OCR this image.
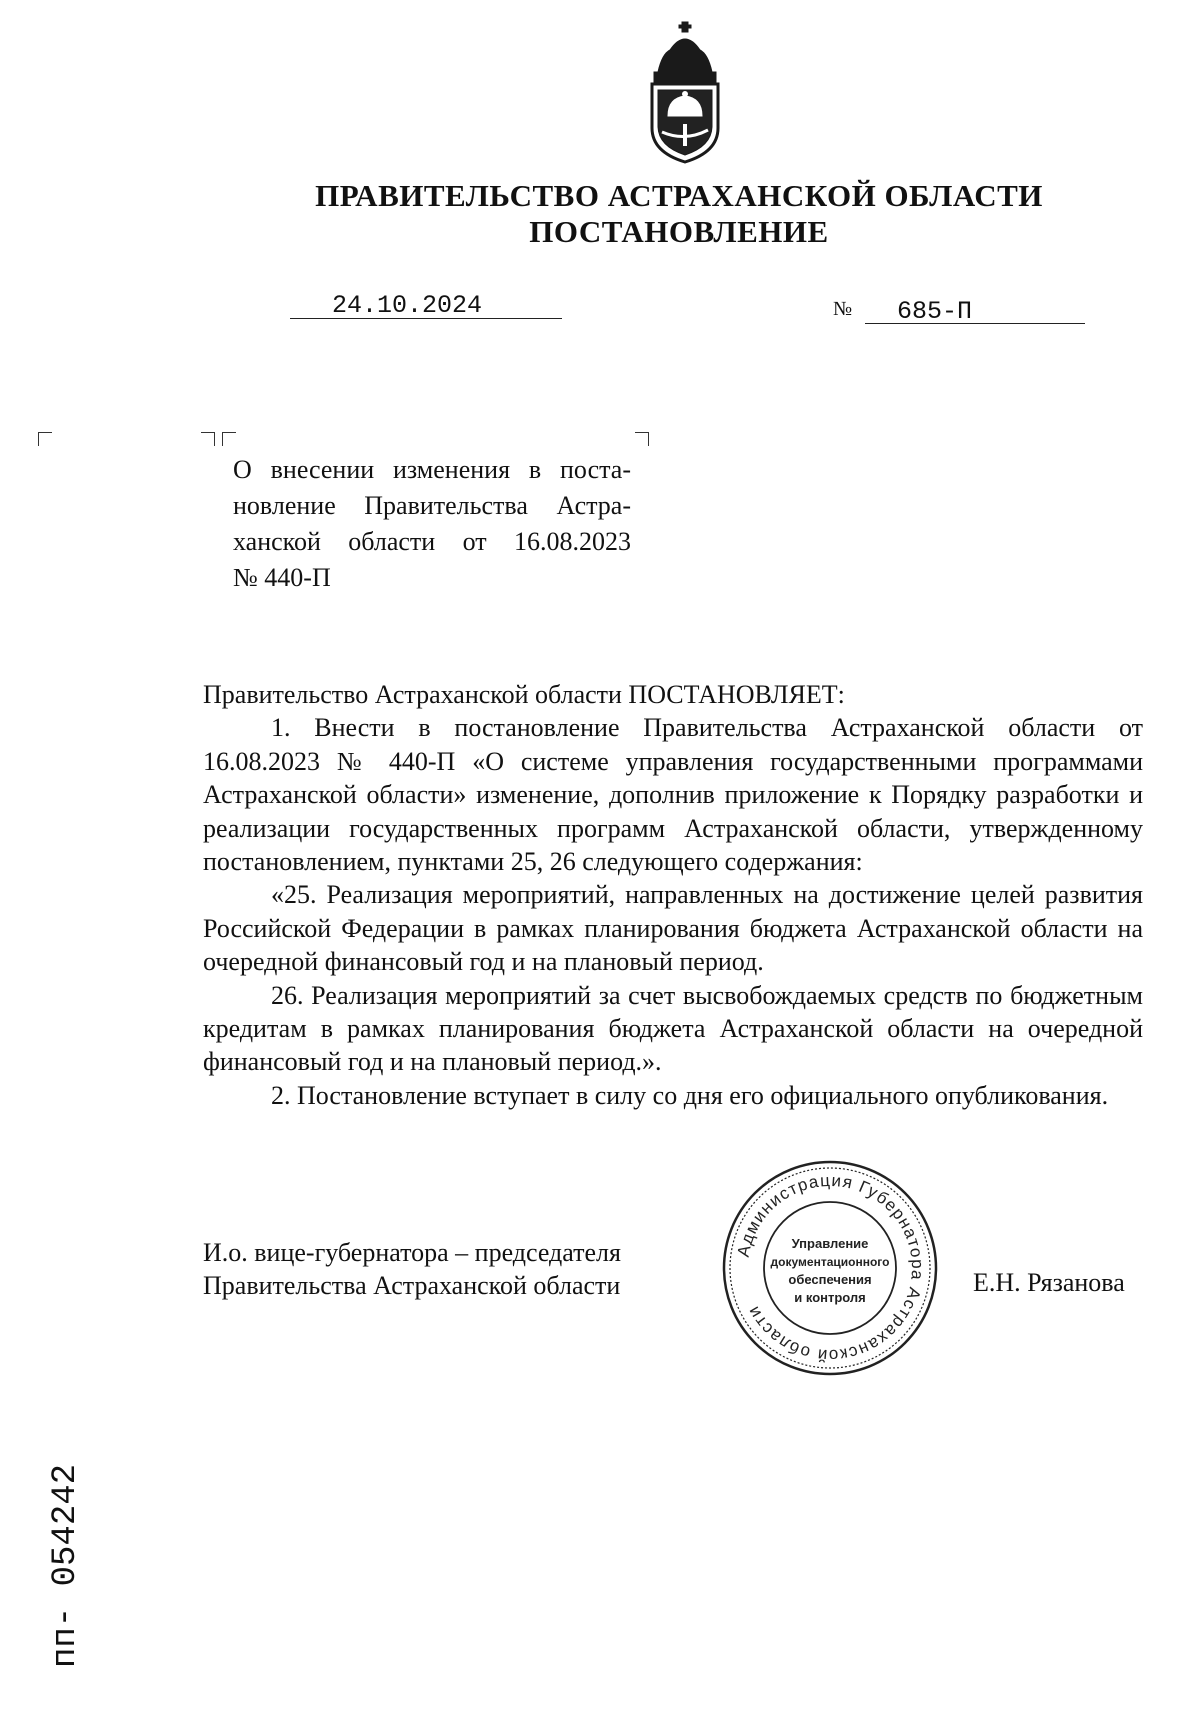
ПРАВИТЕЛЬСТВО АСТРАХАНСКОЙ ОБЛАСТИ
ПОСТАНОВЛЕНИЕ
24.10.2024	№ 685-П
О внесении изменения в поста-
новление Правительства Астра-
ханской области от 16.08.2023
№ 440-П

Правительство Астраханской области ПОСТАНОВЛЯЕТ:

1. Внести в постановление Правительства Астраханской области от 16.08.2023 № 440-П «О системе управления государственными программами Астраханской области» изменение, дополнив приложение к Порядку разработки и реализации государственных программ Астраханской области, утвержденному постановлением, пунктами 25, 26 следующего содержания:

«25. Реализация мероприятий, направленных на достижение целей развития Российской Федерации в рамках планирования бюджета Астраханской области на очередной финансовый год и на плановый период.

26. Реализация мероприятий за счет высвобождаемых средств по бюджетным кредитам в рамках планирования бюджета Астраханской области на очередной финансовый год и на плановый период.».

2. Постановление вступает в силу со дня его официального опубликования.

И.о. вице-губернатора – председателя
Правительства Астраханской области	Е.Н. Рязанова
Администрация Губернатора Астраханской области
Управление
документационного
обеспечения
и контроля
пп- 054242
